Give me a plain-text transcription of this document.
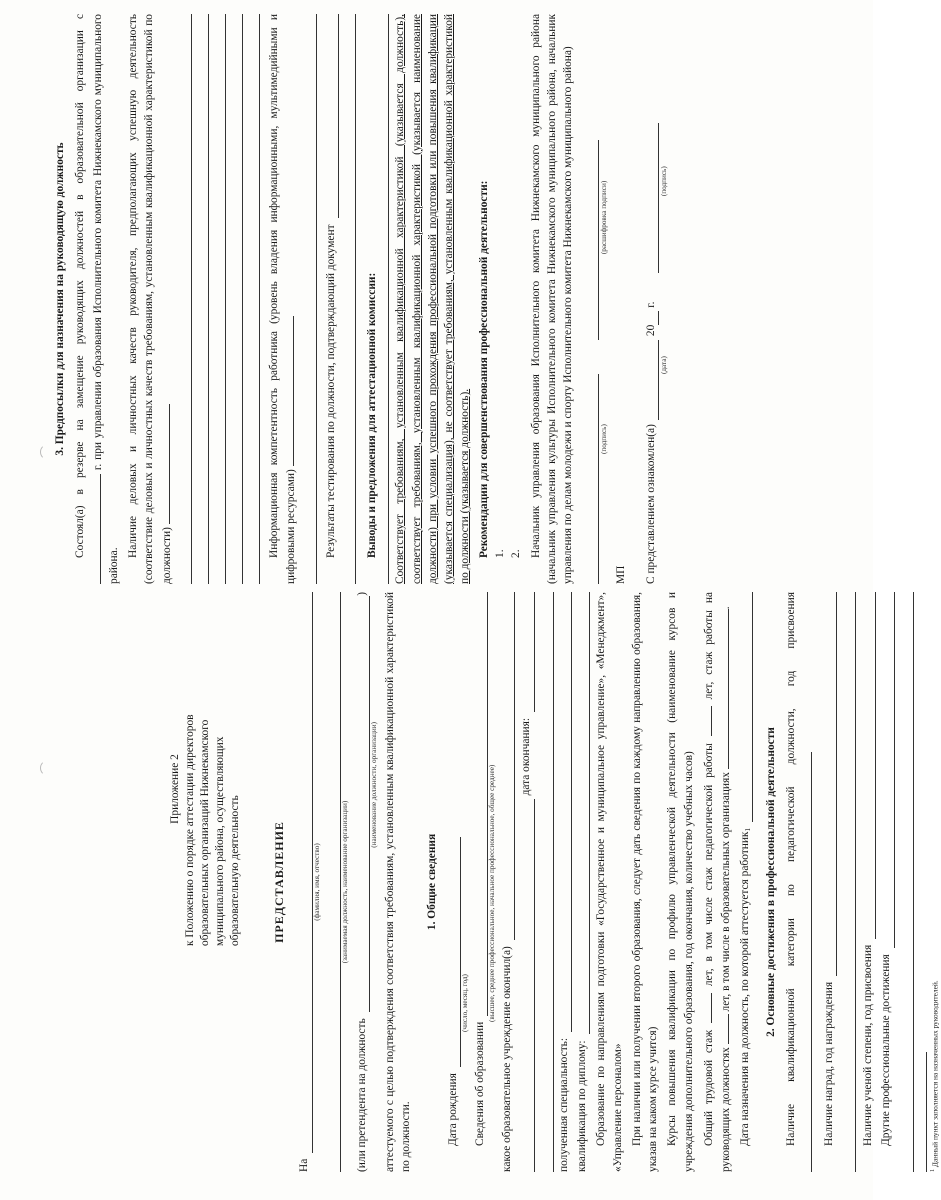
Приложение 2 к Положению о порядке аттестации директоров образовательных организаций Нижнекамского муниципального района, осуществляющих образовательную деятельность	ПРЕДСТАВЛЕНИЕ
На
(фамилия, имя, отчество)	(занимаемая должность, наименование организации)
(или претендента на должность
)
(наименование должности, организации) аттестуемого с целью подтверждения соответствия требованиям, установленным квалификационной характеристикой по должности.
1. Общие сведения
Дата рождения
(число, месяц, год)
Сведения об образовании
(высшее, среднее профессиональное, начальное профессиональное, общее среднее)
какое образовательное учреждение окончил(а)
дата окончания:
полученная специальность: квалификация по диплому: Образование по направлениям подготовки «Государственное и муниципальное управление», «Менеджмент», «Управление персоналом» При наличии или получении второго образования, следует дать сведения по каждому направлению образования, указав на каком курсе учится) Курсы повышения квалификации по профилю управленческой деятельности (наименование курсов и учреждения дополнительного образования, год окончания, количество учебных часов) Общий трудовой стаж  лет, в том числе стаж педагогической работы  лет, стаж работы на руководящих должностях  лет, в том числе в образовательных организациях .
Дата назначения на должность, по которой аттестуется работник
1 2. Основные достижения в профессиональной деятельности Наличие квалификационной категории по педагогической должности, год присвоения	Наличие наград, год награждения Наличие ученой степени, год присвоения Другие профессиональные достижения
$^1$ Данный пункт заполняется на назначенных руководителей.
3. Предпосылки для назначения на руководящую должность Состоял(а) в резерве на замещение руководящих должностей в образовательной организации с г. при управлении образования Исполнительного комитета Нижнекамского муниципального района.
Наличие деловых и личностных качеств руководителя, предполагающих успешную деятельность (соответствие деловых и личностных качеств требованиям, установленным квалификационной характеристикой по должности)	Информационная компетентность работника (уровень владения информационными, мультимедийными и цифровыми ресурсами) Результаты тестирования по должности, подтверждающий документ	Выводы и предложения для аттестационной комиссии: Соответствует требованиям, установленным квалификационной характеристикой (указывается должность), соответствует требованиям, установленным квалификационной характеристикой (указывается наименование должности) при условии успешного прохождения профессиональной подготовки или повышения квалификации (указывается специализация), не соответствует требованиям, установленным квалификационной характеристикой по должности (указывается должность). Рекомендации для совершенствования профессиональной деятельности: 1. 2. Начальник управления образования Исполнительного комитета Нижнекамского муниципального района (начальник управления культуры Исполнительного комитета Нижнекамского муниципального района, начальник управления по делам молодежи и спорту Исполнительного комитета Нижнекамского муниципального района)	(подпись)
(расшифровка подписи)
МП С представлением ознакомлен(а)
20
г.
(дата)
(подпись)
